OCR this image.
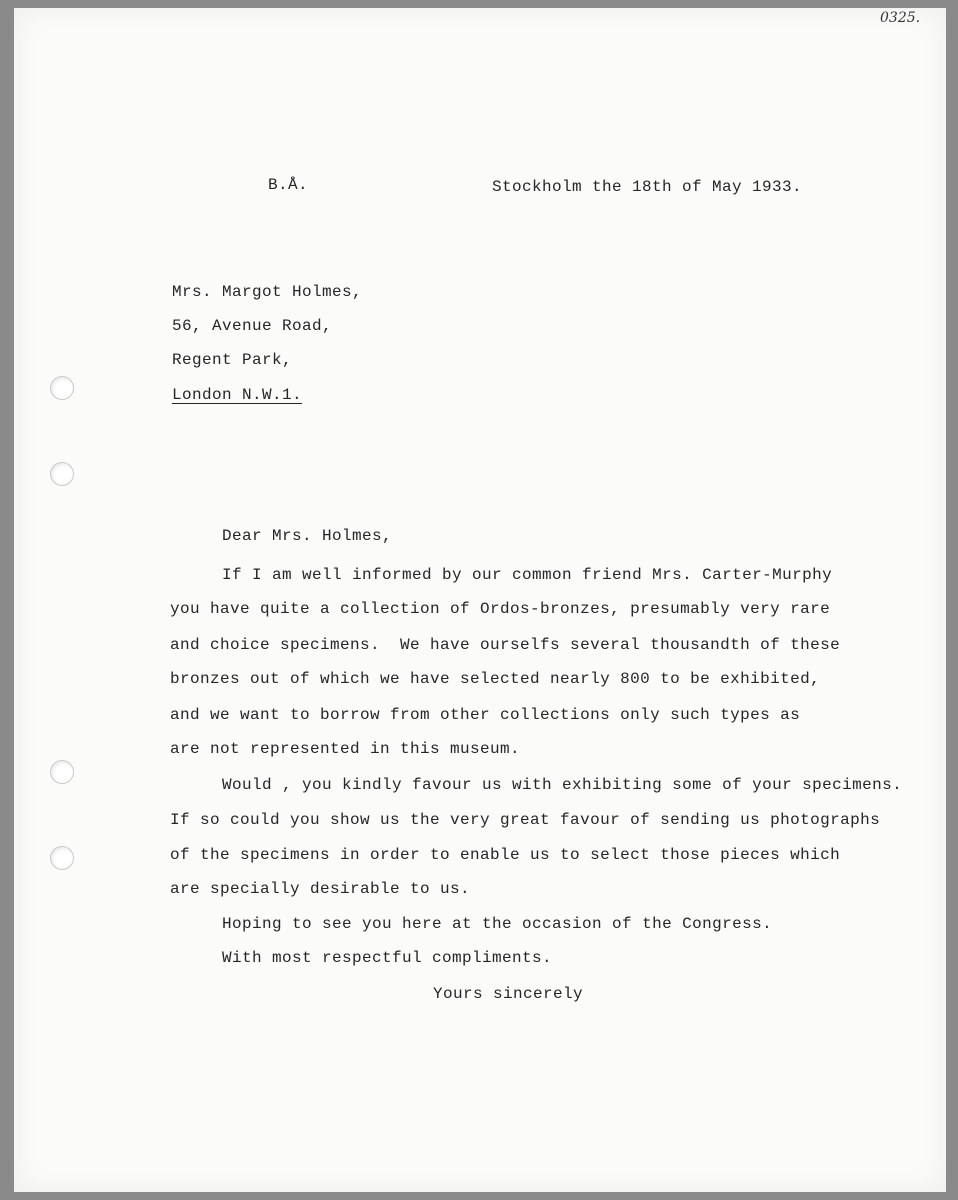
0325.
B.Å.	Stockholm the 18th of May 1933.
Mrs. Margot Holmes,
56, Avenue Road,
Regent Park,
London N.W.1.
Dear Mrs. Holmes,
If I am well informed by our common friend Mrs. Carter-Murphy
you have quite a collection of Ordos-bronzes, presumably very rare
and choice specimens.  We have ourselfs several thousandth of these
bronzes out of which we have selected nearly 800 to be exhibited,
and we want to borrow from other collections only such types as
are not represented in this museum.
Would , you kindly favour us with exhibiting some of your specimens.
If so could you show us the very great favour of sending us photographs
of the specimens in order to enable us to select those pieces which
are specially desirable to us.
Hoping to see you here at the occasion of the Congress.
With most respectful compliments.
Yours sincerely
